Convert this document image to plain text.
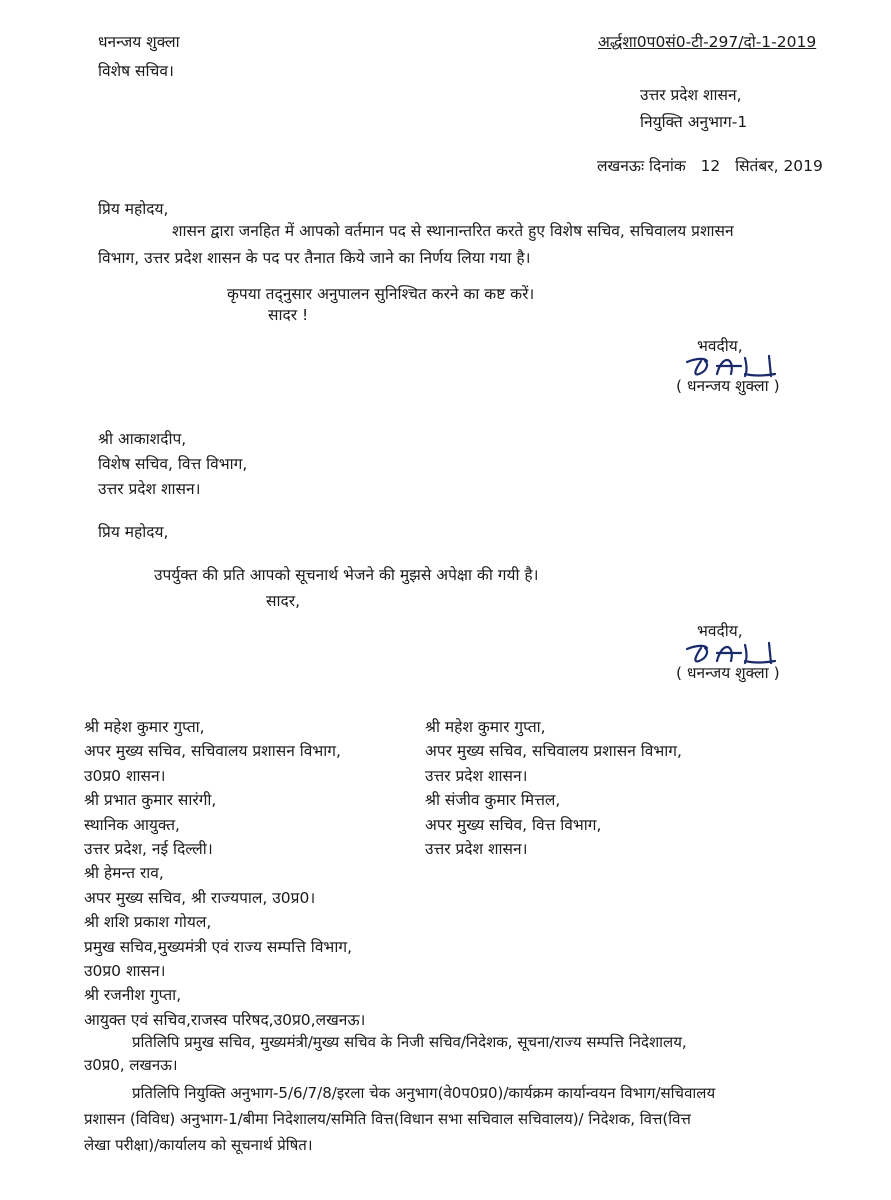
धनन्जय शुक्ला
विशेष सचिव।
अर्द्धशा0प0सं0-टी-297/दो-1-2019
उत्तर प्रदेश शासन,
नियुक्ति अनुभाग-1
लखनऊः दिनांक   12   सितंबर, 2019
प्रिय महोदय,
शासन द्वारा जनहित में आपको वर्तमान पद से स्थानान्तरित करते हुए विशेष सचिव, सचिवालय प्रशासन
विभाग, उत्तर प्रदेश शासन के पद पर तैनात किये जाने का निर्णय लिया गया है।
कृपया तद्नुसार अनुपालन सुनिश्चित करने का कष्ट करें।
सादर !
भवदीय,
( धनन्जय शुक्ला )
श्री आकाशदीप,
विशेष सचिव, वित्त विभाग,
उत्तर प्रदेश शासन।
प्रिय महोदय,
उपर्युक्त की प्रति आपको सूचनार्थ भेजने की मुझसे अपेक्षा की गयी है।
सादर,
भवदीय,
( धनन्जय शुक्ला )
श्री महेश कुमार गुप्ता,
अपर मुख्य सचिव, सचिवालय प्रशासन विभाग,
उ0प्र0 शासन।
श्री प्रभात कुमार सारंगी,
स्थानिक आयुक्त,
उत्तर प्रदेश, नई दिल्ली।
श्री हेमन्त राव,
अपर मुख्य सचिव, श्री राज्यपाल, उ0प्र0।
श्री शशि प्रकाश गोयल,
प्रमुख सचिव,मुख्यमंत्री एवं राज्य सम्पत्ति विभाग,
उ0प्र0 शासन।
श्री रजनीश गुप्ता,
आयुक्त एवं सचिव,राजस्व परिषद,उ0प्र0,लखनऊ।
श्री महेश कुमार गुप्ता,
अपर मुख्य सचिव, सचिवालय प्रशासन विभाग,
उत्तर प्रदेश शासन।
श्री संजीव कुमार मित्तल,
अपर मुख्य सचिव, वित्त विभाग,
उत्तर प्रदेश शासन।
प्रतिलिपि प्रमुख सचिव, मुख्यमंत्री/मुख्य सचिव के निजी सचिव/निदेशक, सूचना/राज्य सम्पत्ति निदेशालय,
उ0प्र0, लखनऊ।
प्रतिलिपि नियुक्ति अनुभाग-5/6/7/8/इरला चेक अनुभाग(वे0प0प्र0)/कार्यक्रम कार्यान्वयन विभाग/सचिवालय
प्रशासन (विविध) अनुभाग-1/बीमा निदेशालय/समिति वित्त(विधान सभा सचिवाल सचिवालय)/ निदेशक, वित्त(वित्त
लेखा परीक्षा)/कार्यालय को सूचनार्थ प्रेषित।
